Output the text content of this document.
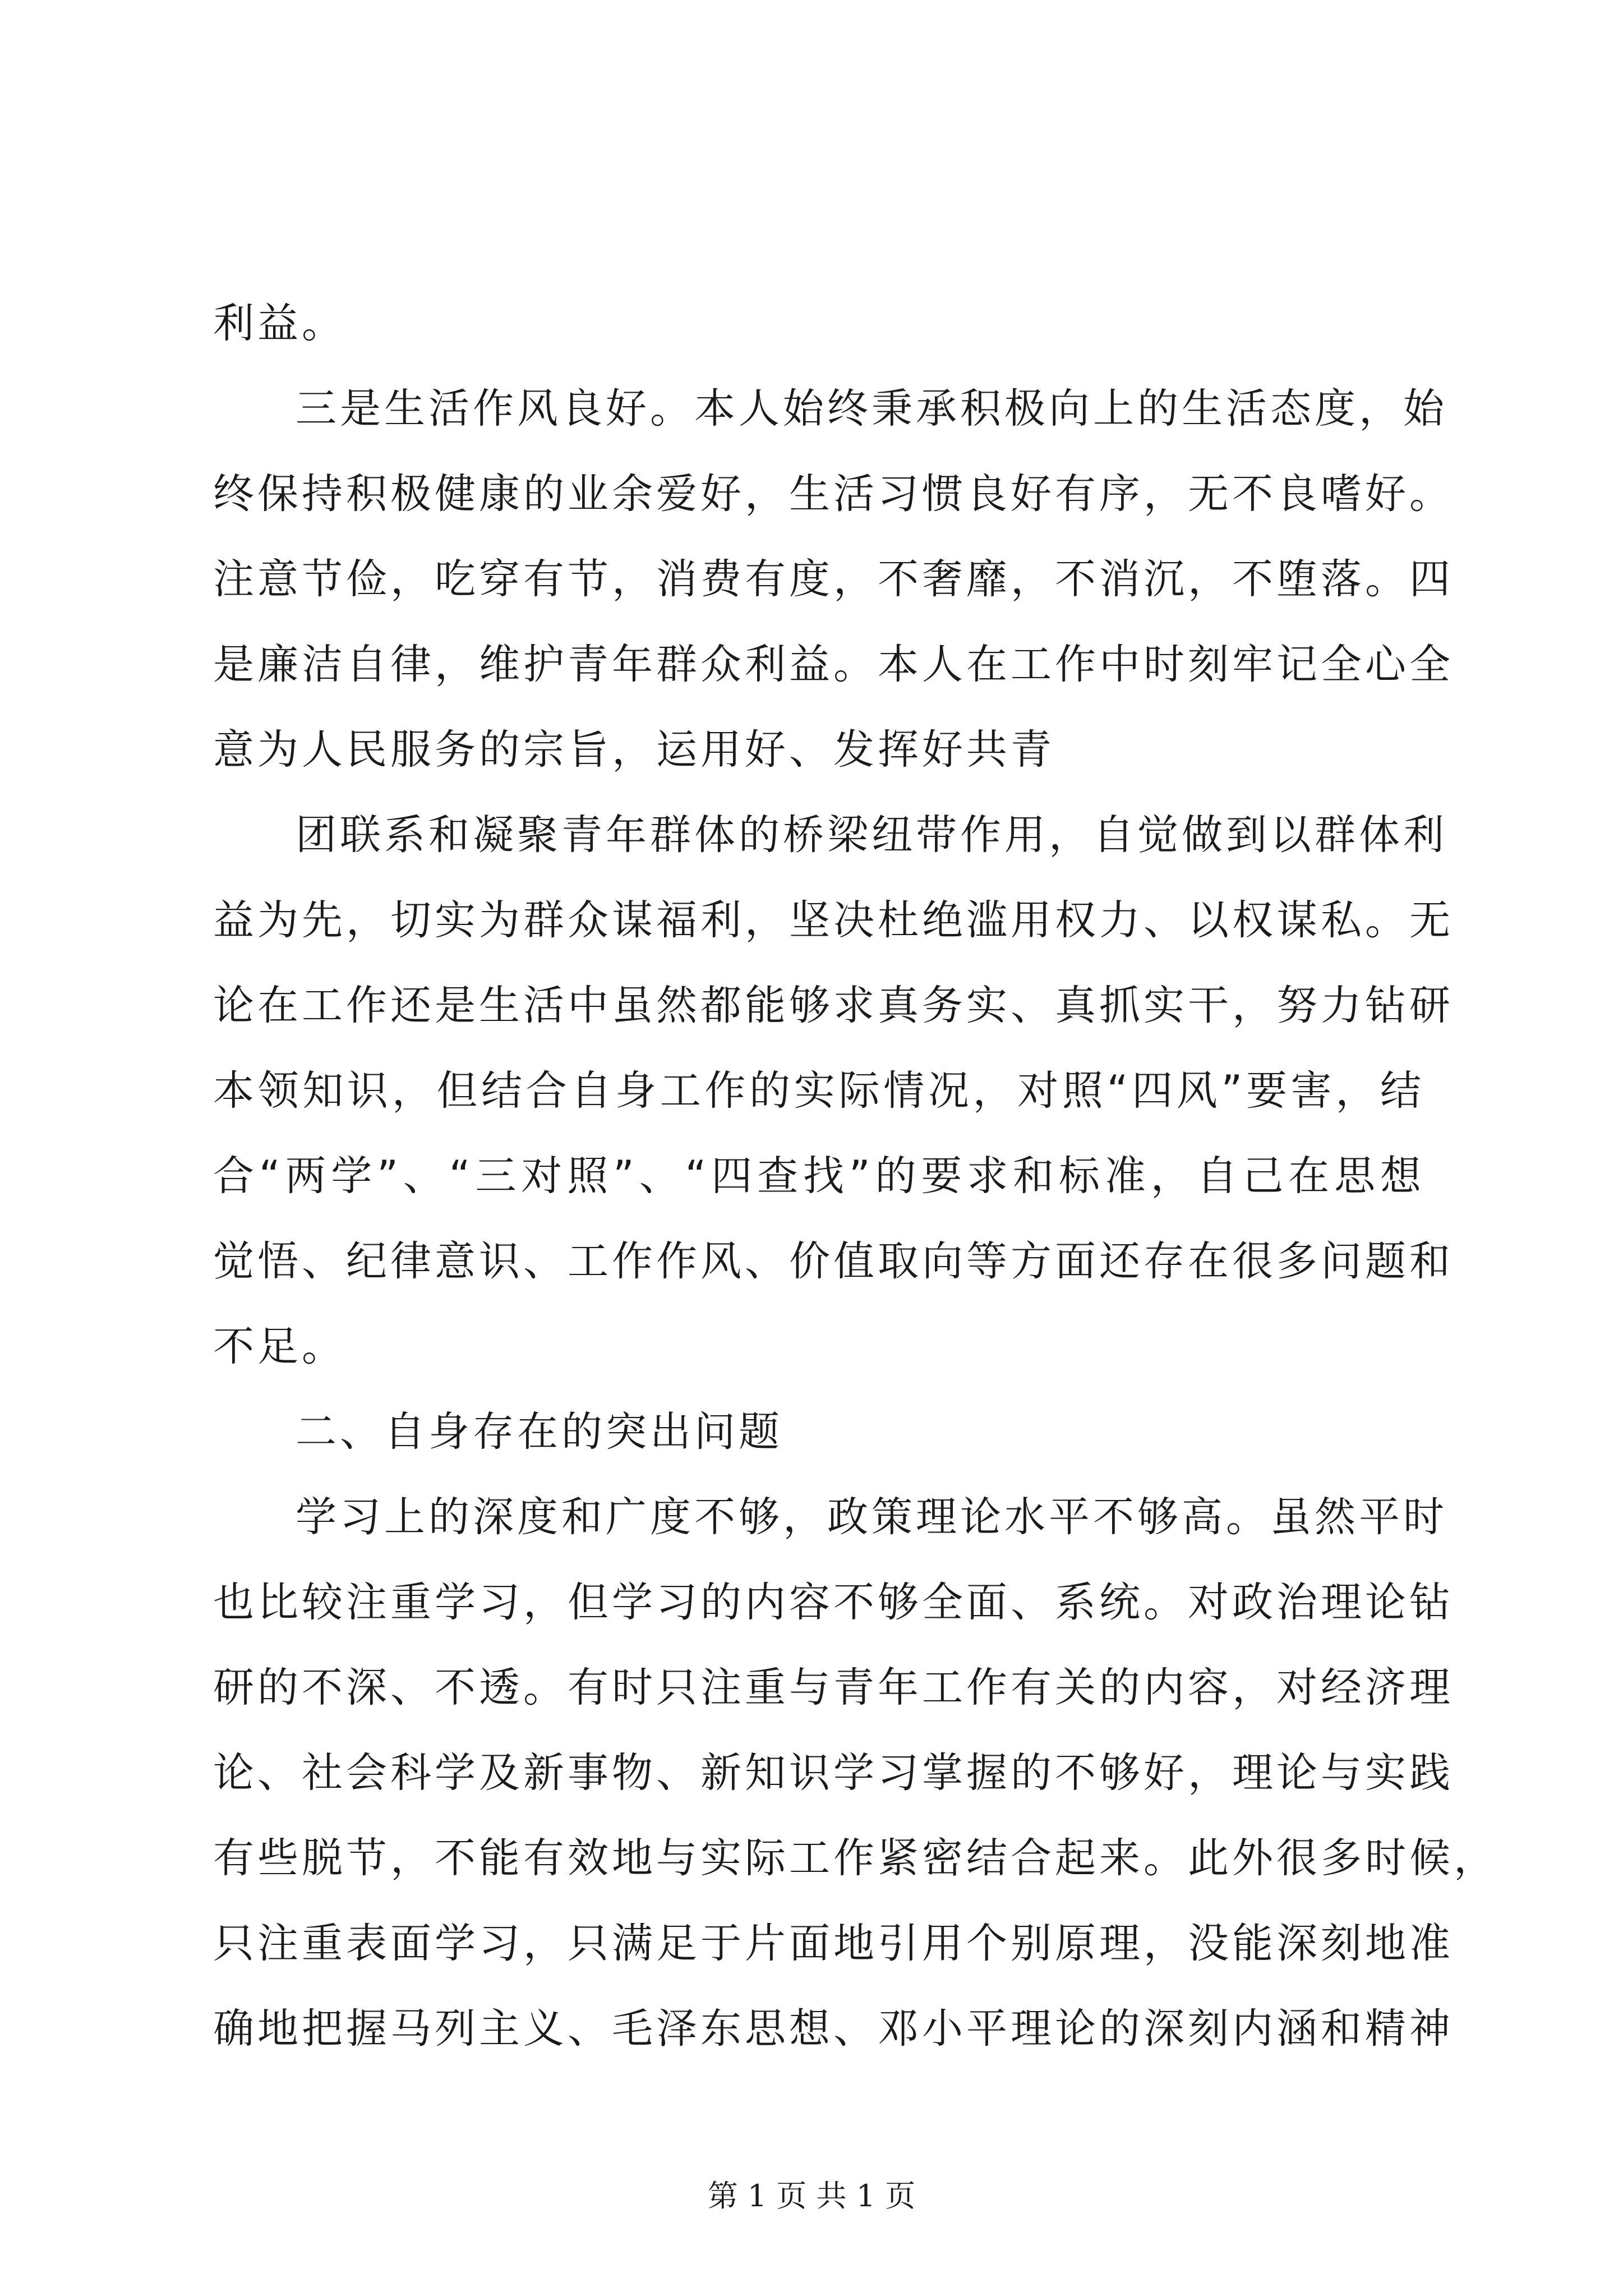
利益。
三是生活作风良好。本人始终秉承积极向上的生活态度，始
终保持积极健康的业余爱好，生活习惯良好有序，无不良嗜好。
注意节俭，吃穿有节，消费有度，不奢靡，不消沉，不堕落。四
是廉洁自律，维护青年群众利益。本人在工作中时刻牢记全心全
意为人民服务的宗旨，运用好、发挥好共青
团联系和凝聚青年群体的桥梁纽带作用，自觉做到以群体利
益为先，切实为群众谋福利，坚决杜绝滥用权力、以权谋私。无
论在工作还是生活中虽然都能够求真务实、真抓实干，努力钻研
本领知识，但结合自身工作的实际情况，对照“四风”要害，结
合“两学”、“三对照”、“四查找”的要求和标准，自己在思想
觉悟、纪律意识、工作作风、价值取向等方面还存在很多问题和
不足。
二、自身存在的突出问题
学习上的深度和广度不够，政策理论水平不够高。虽然平时
也比较注重学习，但学习的内容不够全面、系统。对政治理论钻
研的不深、不透。有时只注重与青年工作有关的内容，对经济理
论、社会科学及新事物、新知识学习掌握的不够好，理论与实践
有些脱节，不能有效地与实际工作紧密结合起来。此外很多时候，
只注重表面学习，只满足于片面地引用个别原理，没能深刻地准
确地把握马列主义、毛泽东思想、邓小平理论的深刻内涵和精神
第 1 页 共 1 页
